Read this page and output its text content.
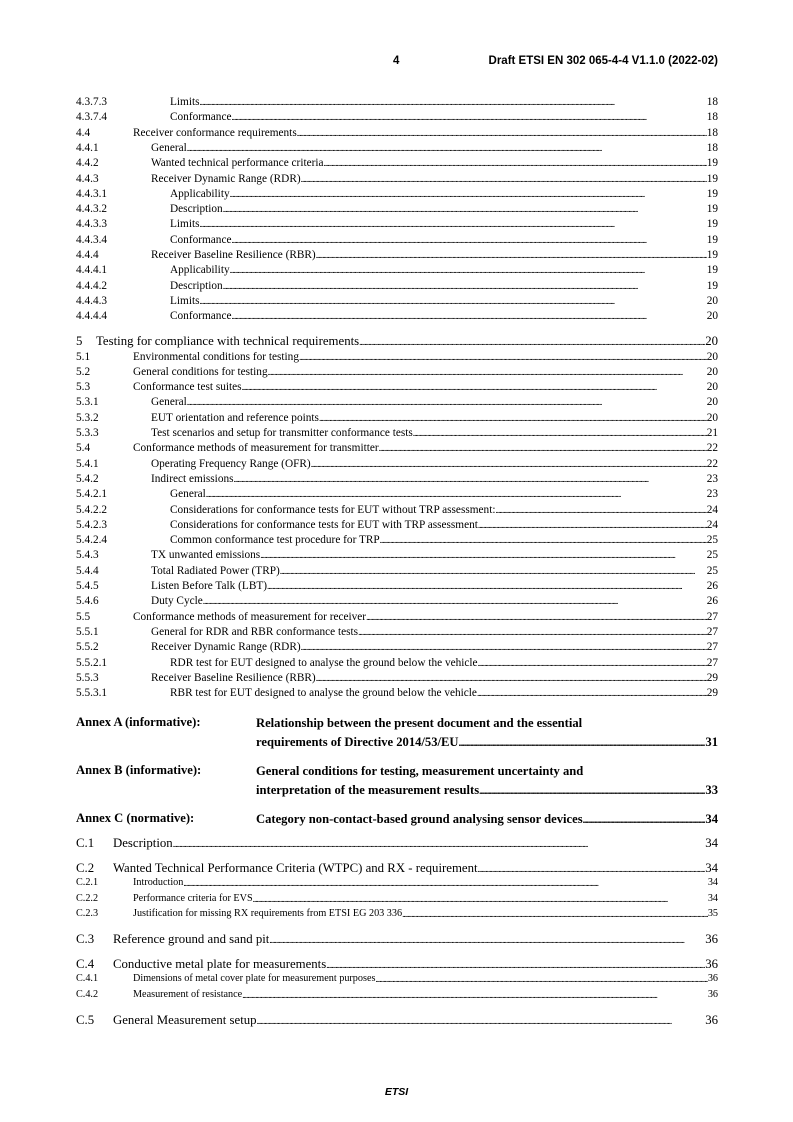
4	Draft ETSI EN 302 065-4-4 V1.1.0 (2022-02)
4.3.7.3	Limits . . .	18
4.3.7.4	Conformance . . .	18
4.4	Receiver conformance requirements . . .	18
4.4.1	General . . .	18
4.4.2	Wanted technical performance criteria . . .	19
4.4.3	Receiver Dynamic Range (RDR) . . .	19
4.4.3.1	Applicability . . .	19
4.4.3.2	Description . . .	19
4.4.3.3	Limits . . .	19
4.4.3.4	Conformance . . .	19
4.4.4	Receiver Baseline Resilience (RBR) . . .	19
4.4.4.1	Applicability . . .	19
4.4.4.2	Description . . .	19
4.4.4.3	Limits . . .	20
4.4.4.4	Conformance . . .	20
5 Testing for compliance with technical requirements . . .	20
5.1	Environmental conditions for testing . . .	20
5.2	General conditions for testing . . .	20
5.3	Conformance test suites . . .	20
5.3.1	General . . .	20
5.3.2	EUT orientation and reference points . . .	20
5.3.3	Test scenarios and setup for transmitter conformance tests . . .	21
5.4	Conformance methods of measurement for transmitter . . .	22
5.4.1	Operating Frequency Range (OFR) . . .	22
5.4.2	Indirect emissions . . .	23
5.4.2.1	General . . .	23
5.4.2.2	Considerations for conformance tests for EUT without TRP assessment: . . .	24
5.4.2.3	Considerations for conformance tests for EUT with TRP assessment . . .	24
5.4.2.4	Common conformance test procedure for TRP . . .	25
5.4.3	TX unwanted emissions . . .	25
5.4.4	Total Radiated Power (TRP) . . .	25
5.4.5	Listen Before Talk (LBT) . . .	26
5.4.6	Duty Cycle . . .	26
5.5	Conformance methods of measurement for receiver . . .	27
5.5.1	General for RDR and RBR conformance tests . . .	27
5.5.2	Receiver Dynamic Range (RDR) . . .	27
5.5.2.1	RDR test for EUT designed to analyse the ground below the vehicle . . .	27
5.5.3	Receiver Baseline Resilience (RBR) . . .	29
5.5.3.1	RBR test for EUT designed to analyse the ground below the vehicle . . .	29
Annex A (informative):	Relationship between the present document and the essential
requirements of Directive 2014/53/EU . . .	31
Annex B (informative):	General conditions for testing, measurement uncertainty and
interpretation of the measurement results . . .	33
Annex C (normative):	Category non-contact-based ground analysing sensor devices . . .	34
C.1 Description . . .	34
C.2 Wanted Technical Performance Criteria (WTPC) and RX - requirement . . .	34
C.2.1	Introduction . . .	34
C.2.2	Performance criteria for EVS . . .	34
C.2.3	Justification for missing RX requirements from ETSI EG 203 336 . . .	35
C.3 Reference ground and sand pit . . .	36
C.4 Conductive metal plate for measurements . . .	36
C.4.1	Dimensions of metal cover plate for measurement purposes . . .	36
C.4.2	Measurement of resistance . . .	36
C.5 General Measurement setup . . .	36
ETSI
